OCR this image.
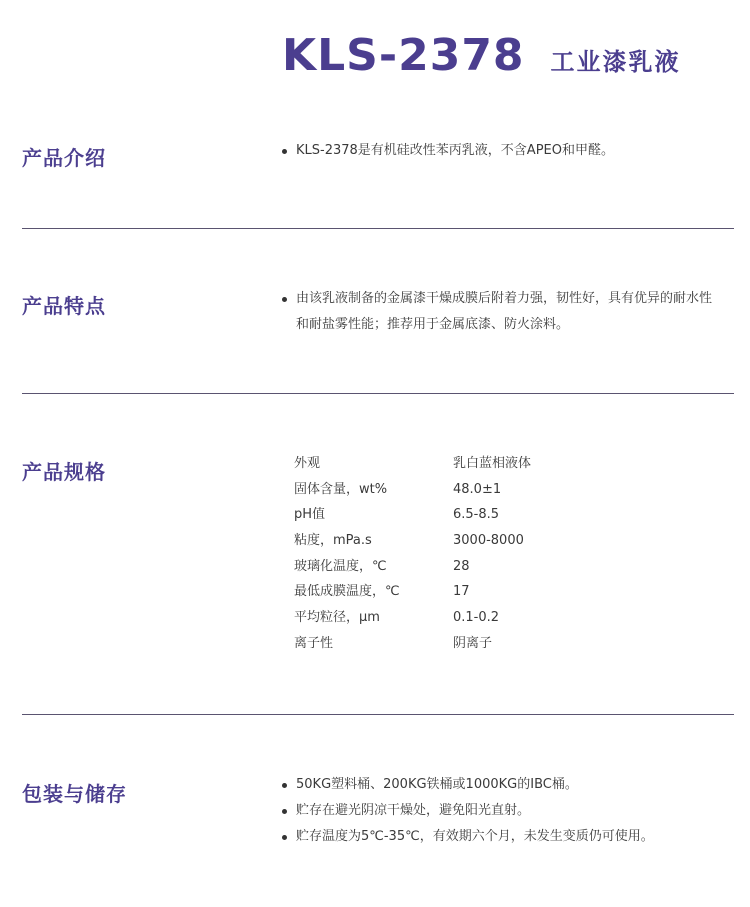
KLS-2378 工业漆乳液
产品介绍	KLS-2378是有机硅改性苯丙乳液，不含APEO和甲醛。
产品特点	由该乳液制备的金属漆干燥成膜后附着力强，韧性好，具有优异的耐水性和耐盐雾性能；推荐用于金属底漆、防火涂料。
产品规格	外观	乳白蓝相液体
固体含量，wt%	48.0±1
pH值	6.5-8.5
粘度，mPa.s	3000-8000
玻璃化温度，℃	28
最低成膜温度，℃	17
平均粒径，μm	0.1-0.2
离子性	阴离子
包装与储存	50KG塑料桶、200KG铁桶或1000KG的IBC桶。
贮存在避光阴凉干燥处，避免阳光直射。
贮存温度为5℃-35℃，有效期六个月，未发生变质仍可使用。
